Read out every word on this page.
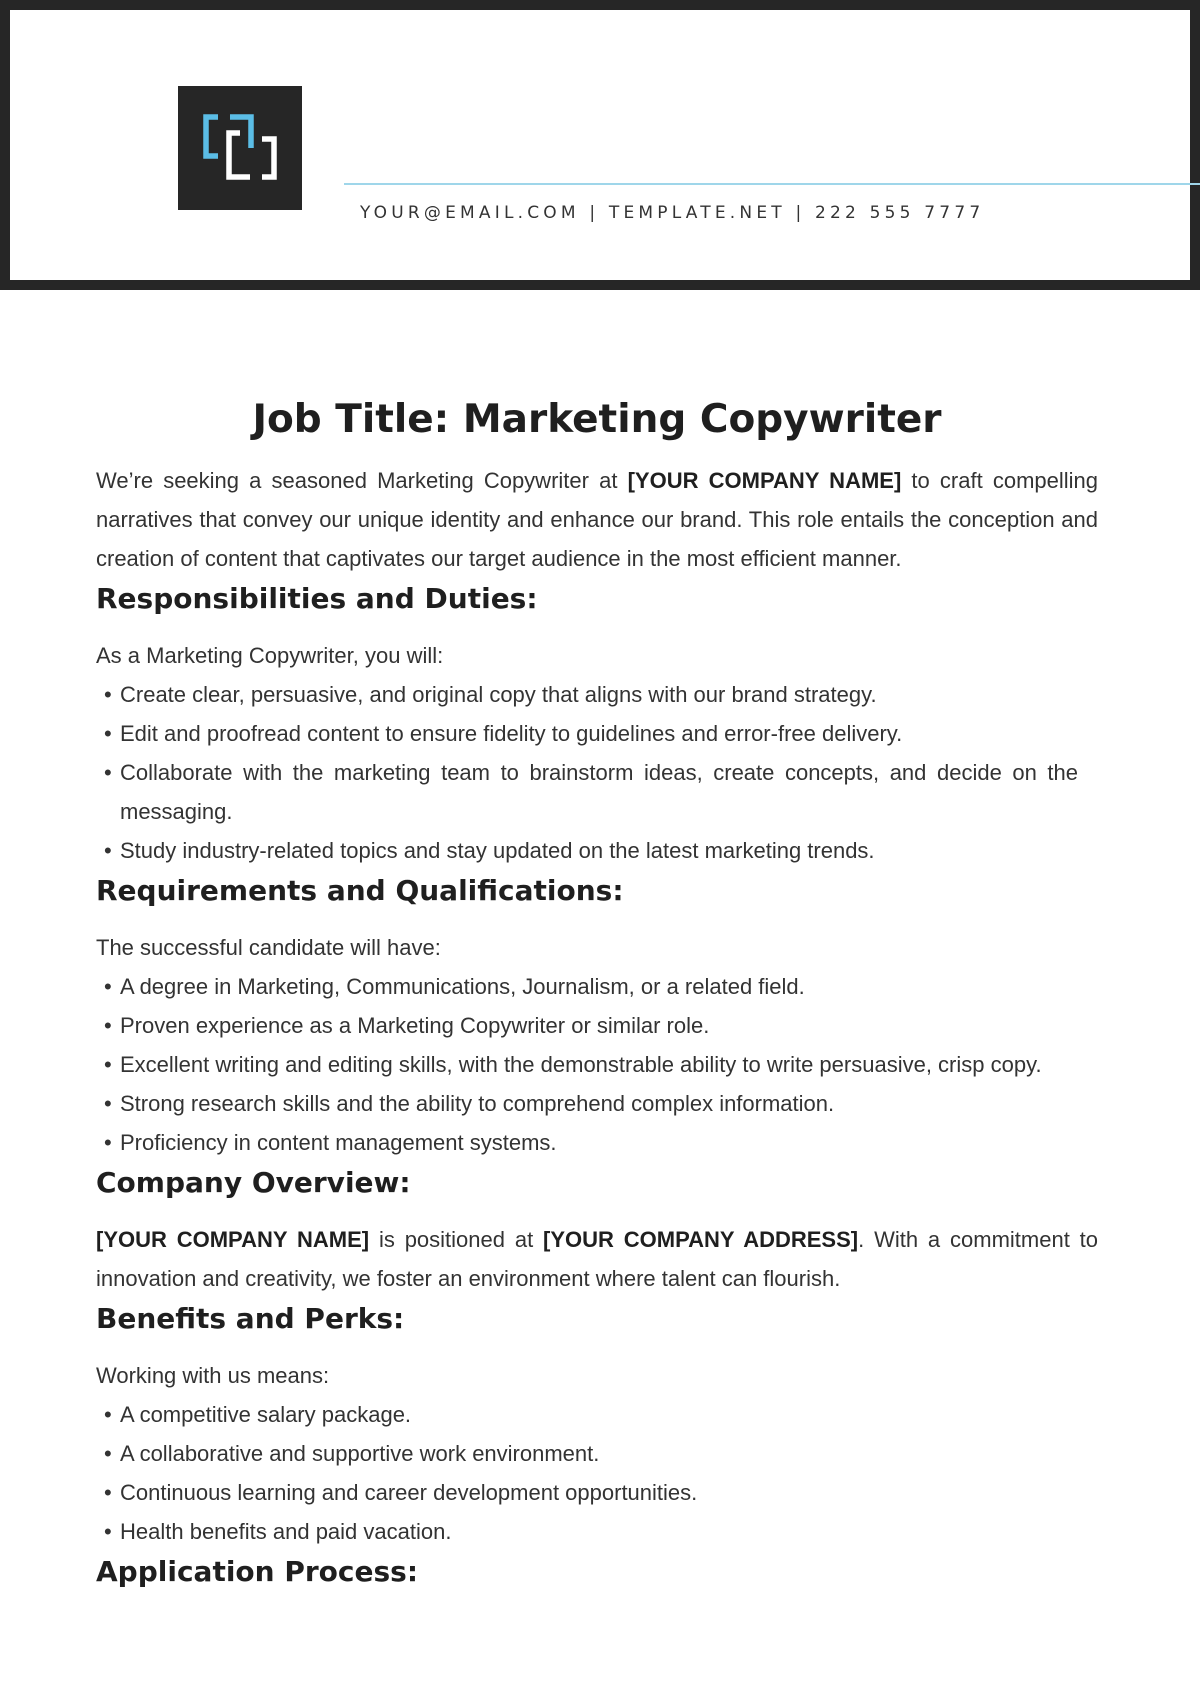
YOUR@EMAIL.COM | TEMPLATE.NET | 222 555 7777
Job Title: Marketing Copywriter

We’re seeking a seasoned Marketing Copywriter at [YOUR COMPANY NAME] to craft compelling narratives that convey our unique identity and enhance our brand. This role entails the conception and creation of content that captivates our target audience in the most efficient manner.

Responsibilities and Duties:

As a Marketing Copywriter, you will:

• Create clear, persuasive, and original copy that aligns with our brand strategy.
• Edit and proofread content to ensure fidelity to guidelines and error-free delivery.
• Collaborate with the marketing team to brainstorm ideas, create concepts, and decide on the messaging.
• Study industry-related topics and stay updated on the latest marketing trends.
Requirements and Qualifications:

The successful candidate will have:

• A degree in Marketing, Communications, Journalism, or a related field.
• Proven experience as a Marketing Copywriter or similar role.
• Excellent writing and editing skills, with the demonstrable ability to write persuasive, crisp copy.
• Strong research skills and the ability to comprehend complex information.
• Proficiency in content management systems.
Company Overview:

[YOUR COMPANY NAME] is positioned at [YOUR COMPANY ADDRESS]. With a commitment to innovation and creativity, we foster an environment where talent can flourish.

Benefits and Perks:

Working with us means:

• A competitive salary package.
• A collaborative and supportive work environment.
• Continuous learning and career development opportunities.
• Health benefits and paid vacation.
Application Process:
